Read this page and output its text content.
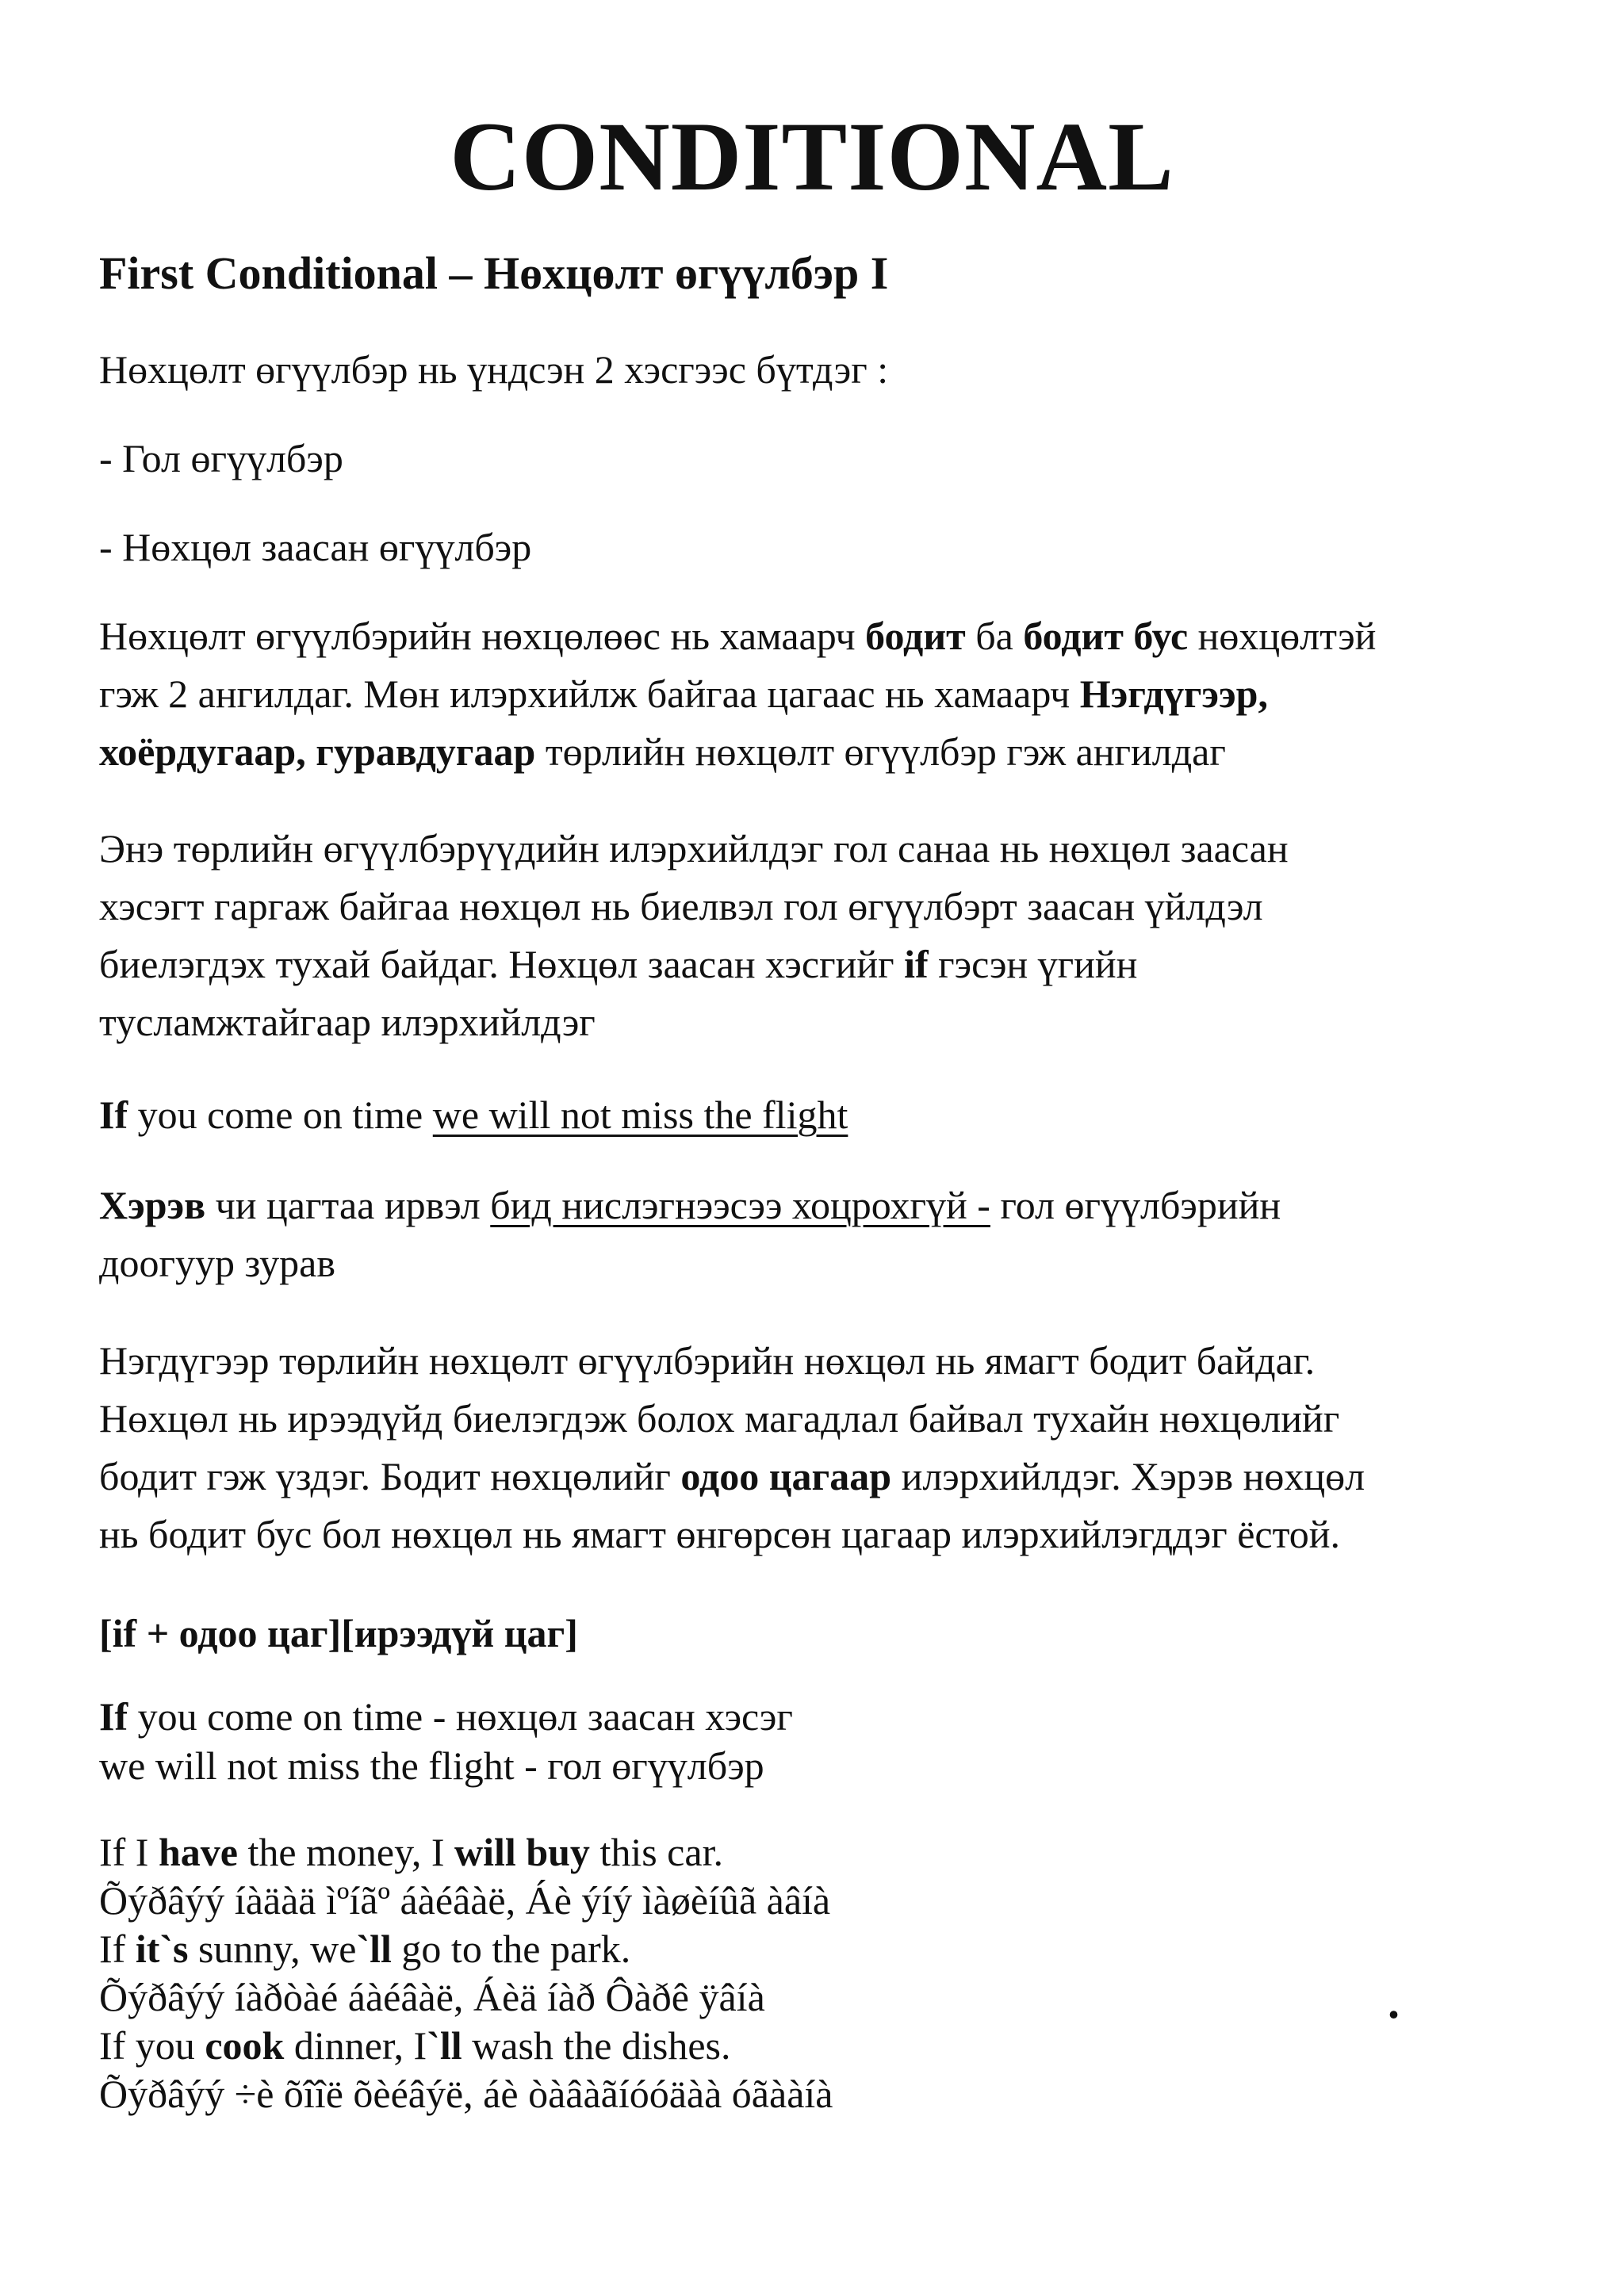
CONDITIONAL
First Conditional – Нөхцөлт өгүүлбэр I
Нөхцөлт өгүүлбэр нь үндсэн 2 хэсгээс бүтдэг :
- Гол өгүүлбэр
- Нөхцөл заасан өгүүлбэр
Нөхцөлт өгүүлбэрийн нөхцөлөөс нь хамаарч бодит ба бодит бус нөхцөлтэй
гэж 2 ангилдаг. Мөн илэрхийлж байгаа цагаас нь хамаарч Нэгдүгээр,
хоёрдугаар, гуравдугаар төрлийн нөхцөлт өгүүлбэр гэж ангилдаг
Энэ төрлийн өгүүлбэрүүдийн илэрхийлдэг гол санаа нь нөхцөл заасан
хэсэгт гаргаж байгаа нөхцөл нь биелвэл гол өгүүлбэрт заасан үйлдэл
биелэгдэх тухай байдаг. Нөхцөл заасан хэсгийг if гэсэн үгийн
тусламжтайгаар илэрхийлдэг
If you come on time we will not miss the flight
Хэрэв чи цагтаа ирвэл бид нислэгнээсээ хоцрохгүй - гол өгүүлбэрийн
доогуур зурав
Нэгдүгээр төрлийн нөхцөлт өгүүлбэрийн нөхцөл нь ямагт бодит байдаг.
Нөхцөл нь ирээдүйд биелэгдэж болох магадлал байвал тухайн нөхцөлийг
бодит гэж үздэг. Бодит нөхцөлийг одоо цагаар илэрхийлдэг. Хэрэв нөхцөл
нь бодит бус бол нөхцөл нь ямагт өнгөрсөн цагаар илэрхийлэгддэг ёстой.
[if + одоо цаг][ирээдүй цаг]
If you come on time - нөхцөл заасан хэсэг
we will not miss the flight - гол өгүүлбэр
If I have the money, I will buy this car.
Õýðâýý íàäàä ìºíãº áàéâàë, Áè ýíý ìàøèíûã àâíà
If it`s sunny, we`ll go to the park.
Õýðâýý íàðòàé áàéâàë, Áèä íàð Ôàðê ÿâíà
If you cook dinner, I`ll wash the dishes.
Õýðâýý ÷è õîîë õèéâýë, áè òàâàãíóóäàà óãààíà
.
